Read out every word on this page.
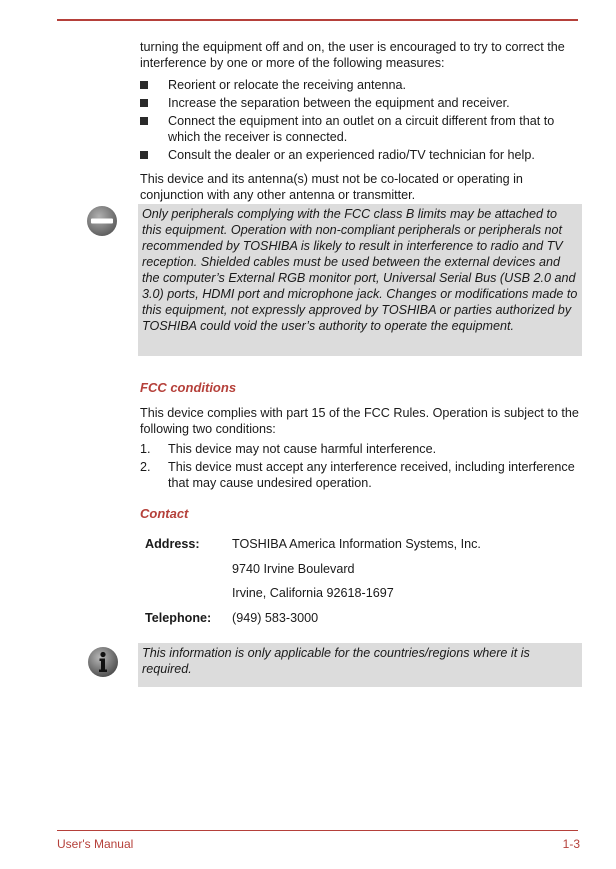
turning the equipment off and on, the user is encouraged to try to correct the interference by one or more of the following measures:

Reorient or relocate the receiving antenna.
Increase the separation between the equipment and receiver.
Connect the equipment into an outlet on a circuit different from that to which the receiver is connected.
Consult the dealer or an experienced radio/TV technician for help.

This device and its antenna(s) must not be co-located or operating in conjunction with any other antenna or transmitter.

Only peripherals complying with the FCC class B limits may be attached to this equipment. Operation with non-compliant peripherals or peripherals not recommended by TOSHIBA is likely to result in interference to radio and TV reception. Shielded cables must be used between the external devices and the computer’s External RGB monitor port, Universal Serial Bus (USB 2.0 and 3.0) ports, HDMI port and microphone jack. Changes or modifications made to this equipment, not expressly approved by TOSHIBA or parties authorized by TOSHIBA could void the user’s authority to operate the equipment.

FCC conditions

This device complies with part 15 of the FCC Rules. Operation is subject to the following two conditions:

1. This device may not cause harmful interference.
2. This device must accept any interference received, including interference that may cause undesired operation.
Contact
Address:	TOSHIBA America Information Systems, Inc.
9740 Irvine Boulevard
Irvine, California 92618-1697
Telephone:	(949) 583-3000

This information is only applicable for the countries/regions where it is required.

User's Manual	1-3
